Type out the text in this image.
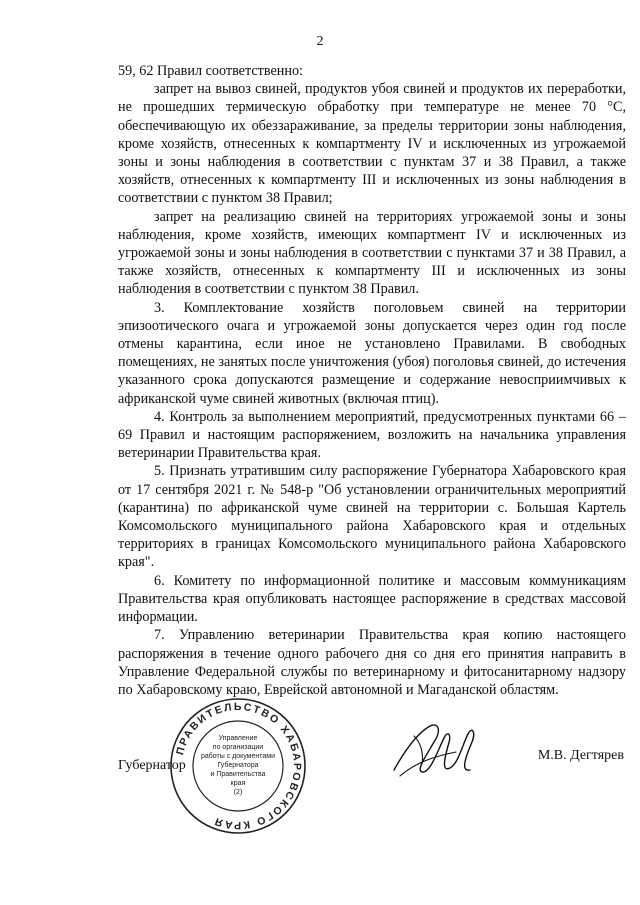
2

59, 62 Правил соответственно:

запрет на вывоз свиней, продуктов убоя свиней и продуктов их переработки, не прошедших термическую обработку при температуре не менее 70 °С, обеспечивающую их обеззараживание, за пределы территории зоны наблюдения, кроме хозяйств, отнесенных к компартменту IV и исключенных из угрожаемой зоны и зоны наблюдения в соответствии с пунктам 37 и 38 Правил, а также хозяйств, отнесенных к компартменту III и исключенных из зоны наблюдения в соответствии с пунктом 38 Правил;

запрет на реализацию свиней на территориях угрожаемой зоны и зоны наблюдения, кроме хозяйств, имеющих компартмент IV и исключенных из угрожаемой зоны и зоны наблюдения в соответствии с пунктами 37 и 38 Правил, а также хозяйств, отнесенных к компартменту III и исключенных из зоны наблюдения в соответствии с пунктом 38 Правил.

3. Комплектование хозяйств поголовьем свиней на территории эпизоотического очага и угрожаемой зоны допускается через один год после отмены карантина, если иное не установлено Правилами. В свободных помещениях, не занятых после уничтожения (убоя) поголовья свиней, до истечения указанного срока допускаются размещение и содержание невосприимчивых к африканской чуме свиней животных (включая птиц).

4. Контроль за выполнением мероприятий, предусмотренных пунктами 66 – 69 Правил и настоящим распоряжением, возложить на начальника управления ветеринарии Правительства края.

5. Признать утратившим силу распоряжение Губернатора Хабаровского края от 17 сентября 2021 г. № 548-р "Об установлении ограничительных мероприятий (карантина) по африканской чуме свиней на территории с. Большая Картель Комсомольского муниципального района Хабаровского края и отдельных территориях в границах Комсомольского муниципального района Хабаровского края".

6. Комитету по информационной политике и массовым коммуникациям Правительства края опубликовать настоящее распоряжение в средствах массовой информации.

7. Управлению ветеринарии Правительства края копию настоящего распоряжения в течение одного рабочего дня со дня его принятия направить в Управление Федеральной службы по ветеринарному и фитосанитарному надзору по Хабаровскому краю, Еврейской автономной и Магаданской областям.

ПРАВИТЕЛЬСТВО ХАБАРОВСКОГО КРАЯ
Управление
по организации
работы с документами
Губернатора
и Правительства
края
(2)
Губернатор
М.В. Дегтярев
